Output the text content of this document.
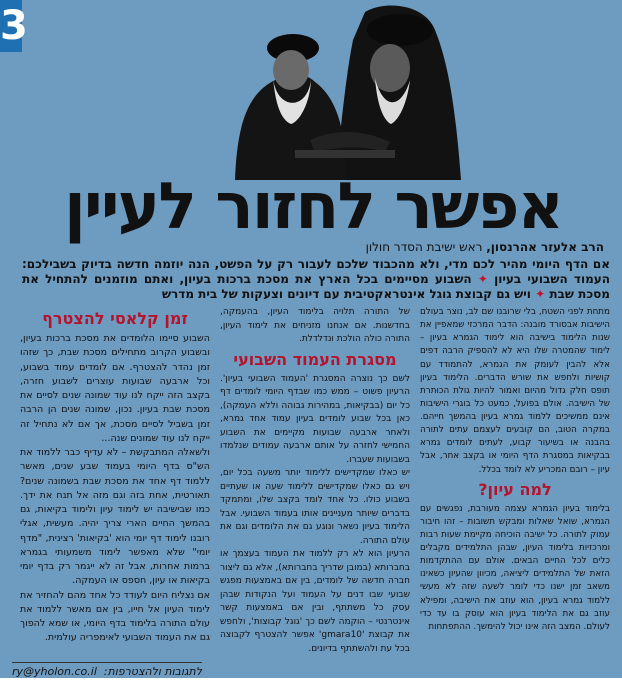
3
אפשר לחזור לעיין
הרב אלעזר אהרנסון, ראש ישיבת הסדר חולון
אם הדף היומי מהיר לכם מדי, ולא מהכבוד שלכם לעבור רק על הפשט, הנה יוזמה חדשה בדיוק בשבילכם: העמוד השבועי בעיון ✦ השבוע מסיימים בכל הארץ את מסכת ברכות בעיון, ואתם מוזמנים להתחיל את מסכת שבת ✦ ויש גם קבוצת גוגל אינטראקטיבית עם דיונים וצעקות של בית מדרש

מתחת לפני השטח, בלי שרובנו שם לב, נוצר בעולם הישיבות אבסורד מובנה: הדבר המרכזי שמאפיין את שנות הלימוד בישיבה הוא לימוד הגמרא בעיון – לימוד שהמטרה שלו היא לא להספיק הרבה דפים אלא להבין לעומק את הגמרא, להתמודד עם קושיות ולחפש את שורש הדברים. הלימוד בעיון תופס חלק גדול מהיום ואמור להיות גולת הכותרת של הישיבה. אולם בפועל, כמעט כל בוגרי הישיבות אינם ממשיכים ללמוד גמרא בעיון בהמשך חייהם. במקרה הטוב, הם קובעים לעצמם עתים לתורה בהבנה או בשיעור קבוע, לעתים לומדים גמרא בבקיאות במסגרת הדף היומי או בקצב אחר, אבל עיון – רובם המכריע לא לומד בכלל.

למה עיון?

בלימוד בעיון הגמרא עצמה מעורבת, נפגשים עם הגמרא, שואל שאלות ומבקש תשובות – זהו חיבור עמוק לתורה. כל ישיבה הוכיחה מקיימת שעות רבות ומרכזיות בלימוד העיון, שבהן התלמידים מקבלים כלים לכל החיים הבאים. אולם עם ההתקדמות הזאת של התלמידים ליציאה, מכיוון שהעיון כשאינו משאב זמן ישנו כדי לומר לשעה שזה לא מעשי ללמוד גמרא בעיון, הוא עוזב את הישיבה, ומפילא עוזב גם את הלימוד בעיון הוא עוסק בו עד כדי לעולם. המצב הזה אינו יכול להימשך. ההתפתחות

של התורה תלויה בלימוד העיון, בהעמקה, בחדשנות. אם אנחנו מזניחים את לימוד העיון, התורה כולה הולכת ונדלדלת.

מסגרת העמוד השבועי

לשם כך נוצרה המסגרת 'העמוד השבועי בעיון'. הרעיון פשוט – ממש כמו שבדף היומי לומדים דף כל יום (בבקיאות, במהירות גבוהה וללא העמקה), כאן בכל שבוע לומדים בעיון עמוד אחד גמרא, ולאחר ארבעה שבועות מקיימים את השבוע החמישי לחזרה על אותם ארבעה עמודים שנלמדו בשבועות שעברו.

יש כאלו שמקדישים ללימוד יותר משעה בכל יום, ויש גם כאלו שמקדישים ללימוד שעה או שעתיים בשבוע כולו. כל אחד לומד בקצב שלו, ומתמקד בדברים שיותר מעניינים אותו בעמוד השבועי. אבל הלימוד בעיון נשאר ונוגע גם את הלומדים וגם את עולם התורה.

הרעיון הוא לא רק ללמוד את העמוד בעצמך או בחברותא (במובן שדריך בחברותא), אלא גם ליצור חברה חדשה של לומדים, בין אם באמצעות מפגש שבועי שבו דנים על העמוד ועל הנקודות שבהן עסק כל משתתף, ובין אם באמצעות קשר אינטרנטי – הוקמה לשם כך 'גוגל קבוצות', ולחפש את קבוצת 'gmara10' אפשר להצטרף לקבוצה בכל עת ולהשתתף בדיונים.

זמן קלאסי להצטרף

השבוע סיימו הלומדים את מסכת ברכות בעיון, ובשבוע הקרוב מתחילים מסכת שבת, כך שזהו זמן נהדר להצטרף. אם לומדים עמוד בשבוע, וכל ארבעה שבועות עוצרים לשבוע חזרה, בקצב הזה ייקח לנו עוד שמונה שנים לסיים את מסכת שבת בעיון. נכון, שמונה שנים הן הרבה זמן בשביל לסיים מסכת, אך אם לא נתחיל זה ייקח לנו עוד שמונים שנה...

ולשאלה המתבקשת – לא עדיף כבר ללמוד את הש"ס בדף היומי בעמוד שבע שנים, מאשר ללמוד דף אחד את מסכת שבת בשמונה שנים? תאורטית, אחת בזה וגם מזה אל תנח את ידך. כמו שבישיבה יש לימוד עיון ולימוד בקיאות, גם בהמשך החיים הארי צריך יהיה. מעשית, אגלי רובנו לימוד דף יומי הוא 'בקיאות' רצינית, "מדף יומי" שלא מאפשר לימוד משמעותי בגמרא ברמות אחרות, אבל זה לא ייגמר רק בדף יומי בקיאות או עיון, חספס או העמקה.

אם נצליח היום לעודד כל אחד מהם להחזיר את לימוד העיון אל חייו, בין אם מאשר ללמוד את עולם התורה בלימוד בדף היומי, או שמא להפוך גם את העמוד השבועי לאימפריה עולמית.

לתגובות ולהצטרפות:
ry@yholon.co.il
